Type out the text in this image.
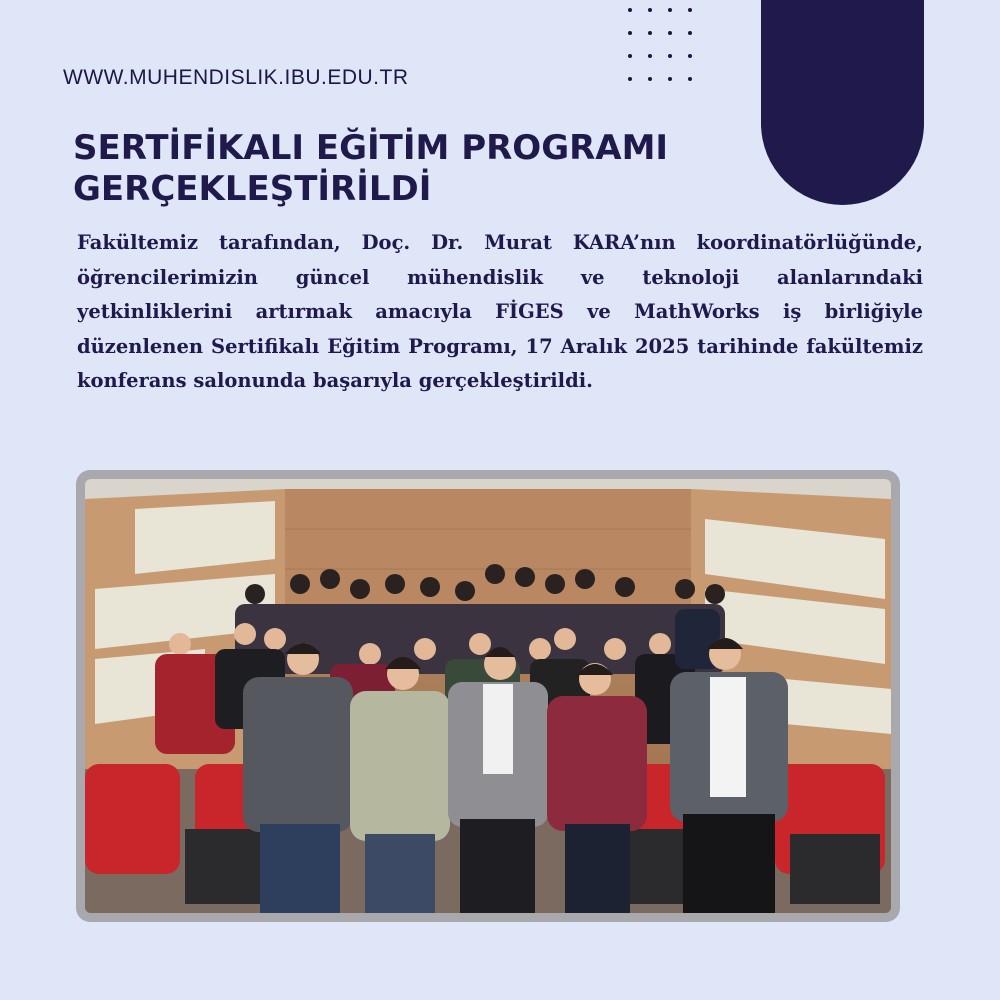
WWW.MUHENDISLIK.IBU.EDU.TR
SERTİFİKALI EĞİTİM PROGRAMI GERÇEKLEŞTİRİLDİ

Fakültemiz tarafından, Doç. Dr. Murat KARA’nın koordinatörlüğünde, öğrencilerimizin güncel mühendislik ve teknoloji alanlarındaki yetkinliklerini artırmak amacıyla FİGES ve MathWorks iş birliğiyle düzenlenen Sertifikalı Eğitim Programı, 17 Aralık 2025 tarihinde fakültemiz konferans salonunda başarıyla gerçekleştirildi.
